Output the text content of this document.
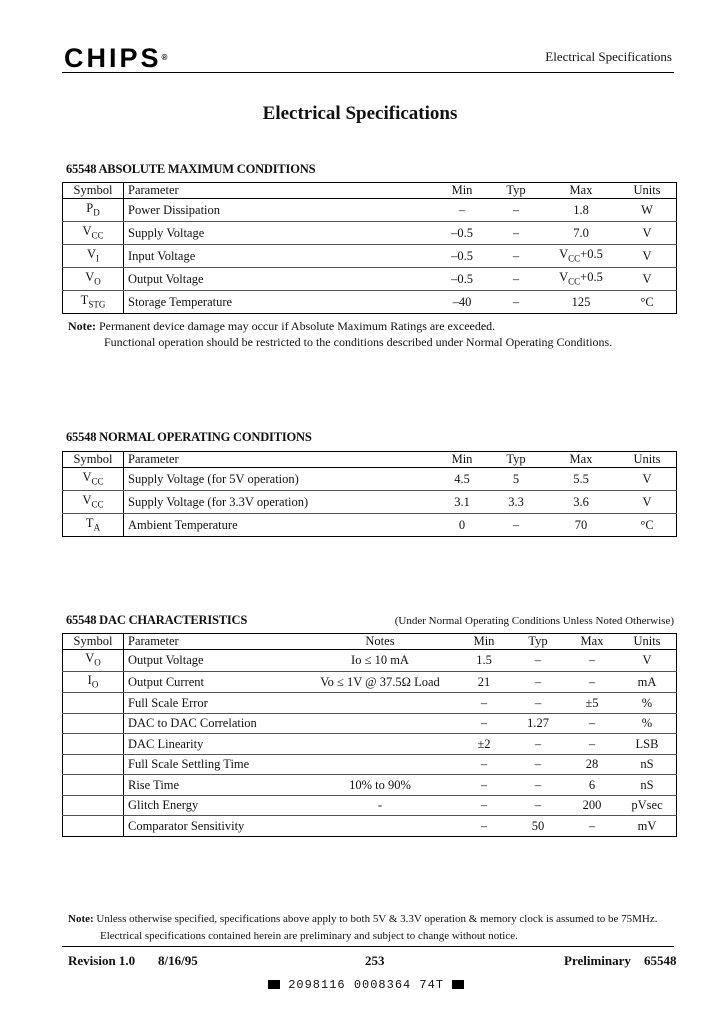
CHIPS®	Electrical Specifications
Electrical Specifications
65548 ABSOLUTE MAXIMUM CONDITIONS
Symbol	Parameter	Min	Typ	Max	Units
$P_D$	Power Dissipation	–	–	1.8	W
$V_{CC}$	Supply Voltage	–0.5	–	7.0	V
$V_I$	Input Voltage	–0.5	–	$V_{CC}+0.5$	V
$V_O$	Output Voltage	–0.5	–	$V_{CC}+0.5$	V
$T_{STG}$	Storage Temperature	–40	–	125	°C
Note: Permanent device damage may occur if Absolute Maximum Ratings are exceeded.
Functional operation should be restricted to the conditions described under Normal Operating Conditions.
65548 NORMAL OPERATING CONDITIONS
Symbol	Parameter	Min	Typ	Max	Units
$V_{CC}$	Supply Voltage (for 5V operation)	4.5	5	5.5	V
$V_{CC}$	Supply Voltage (for 3.3V operation)	3.1	3.3	3.6	V
$T_A$	Ambient Temperature	0	–	70	°C
65548 DAC CHARACTERISTICS	(Under Normal Operating Conditions Unless Noted Otherwise)
Symbol	Parameter	Notes	Min	Typ	Max	Units
$V_O$	Output Voltage	Io ≤ 10 mA	1.5	–	–	V
$I_O$	Output Current	Vo ≤ 1V @ 37.5Ω Load	21	–	–	mA
	Full Scale Error		–	–	±5	%
	DAC to DAC Correlation		–	1.27	–	%
	DAC Linearity		±2	–	–	LSB
	Full Scale Settling Time		–	–	28	nS
	Rise Time	10% to 90%	–	–	6	nS
	Glitch Energy	-	–	–	200	pVsec
	Comparator Sensitivity		–	50	–	mV
Note: Unless otherwise specified, specifications above apply to both 5V & 3.3V operation & memory clock is assumed to be 75MHz.
Electrical specifications contained herein are preliminary and subject to change without notice.
Revision 1.0 8/16/95	253	Preliminary 65548
2098116 0008364 74T
